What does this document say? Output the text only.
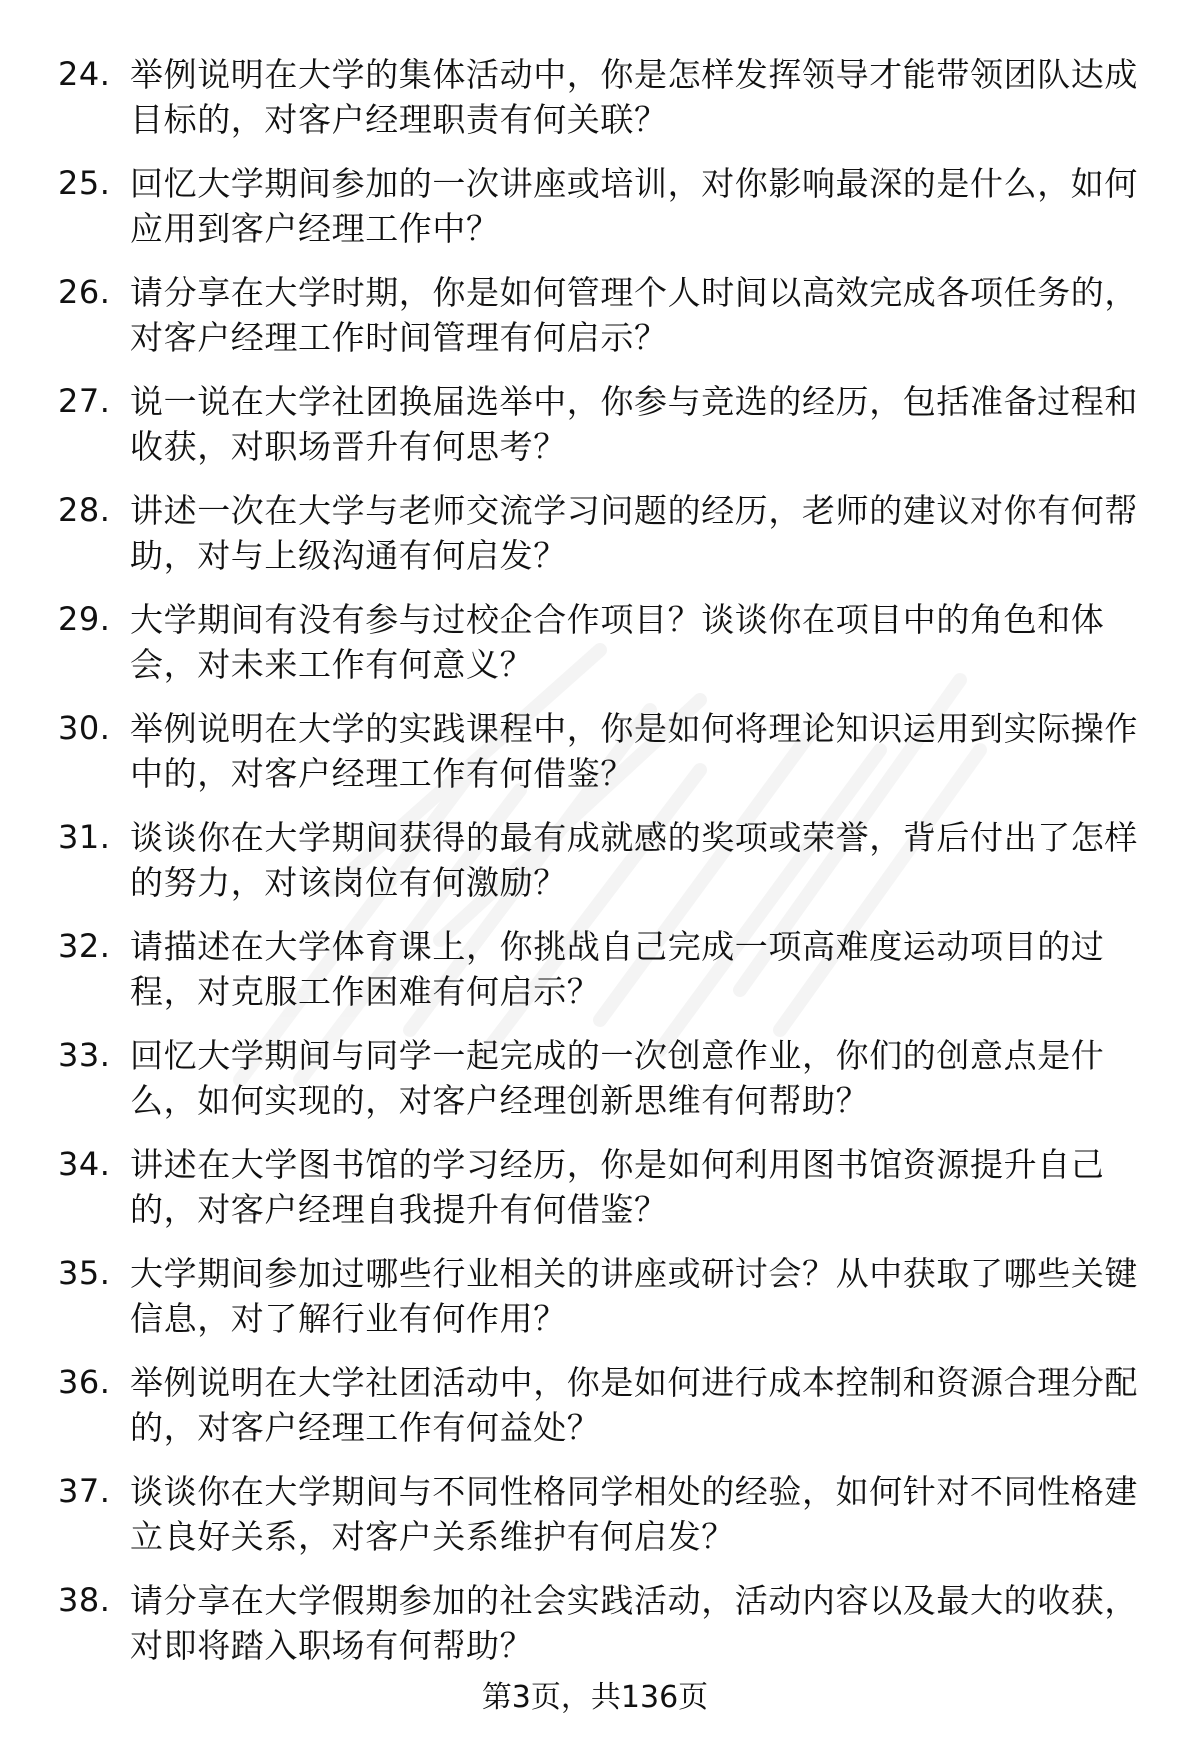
24. 举例说明在大学的集体活动中，你是怎样发挥领导才能带领团队达成目标的，对客户经理职责有何关联？
25. 回忆大学期间参加的一次讲座或培训，对你影响最深的是什么，如何应用到客户经理工作中？
26. 请分享在大学时期，你是如何管理个人时间以高效完成各项任务的，对客户经理工作时间管理有何启示？
27. 说一说在大学社团换届选举中，你参与竞选的经历，包括准备过程和收获，对职场晋升有何思考？
28. 讲述一次在大学与老师交流学习问题的经历，老师的建议对你有何帮助，对与上级沟通有何启发？
29. 大学期间有没有参与过校企合作项目？谈谈你在项目中的角色和体会，对未来工作有何意义？
30. 举例说明在大学的实践课程中，你是如何将理论知识运用到实际操作中的，对客户经理工作有何借鉴？
31. 谈谈你在大学期间获得的最有成就感的奖项或荣誉，背后付出了怎样的努力，对该岗位有何激励？
32. 请描述在大学体育课上，你挑战自己完成一项高难度运动项目的过程，对克服工作困难有何启示？
33. 回忆大学期间与同学一起完成的一次创意作业，你们的创意点是什么，如何实现的，对客户经理创新思维有何帮助？
34. 讲述在大学图书馆的学习经历，你是如何利用图书馆资源提升自己的，对客户经理自我提升有何借鉴？
35. 大学期间参加过哪些行业相关的讲座或研讨会？从中获取了哪些关键信息，对了解行业有何作用？
36. 举例说明在大学社团活动中，你是如何进行成本控制和资源合理分配的，对客户经理工作有何益处？
37. 谈谈你在大学期间与不同性格同学相处的经验，如何针对不同性格建立良好关系，对客户关系维护有何启发？
38. 请分享在大学假期参加的社会实践活动，活动内容以及最大的收获，对即将踏入职场有何帮助？
第3页，共136页
